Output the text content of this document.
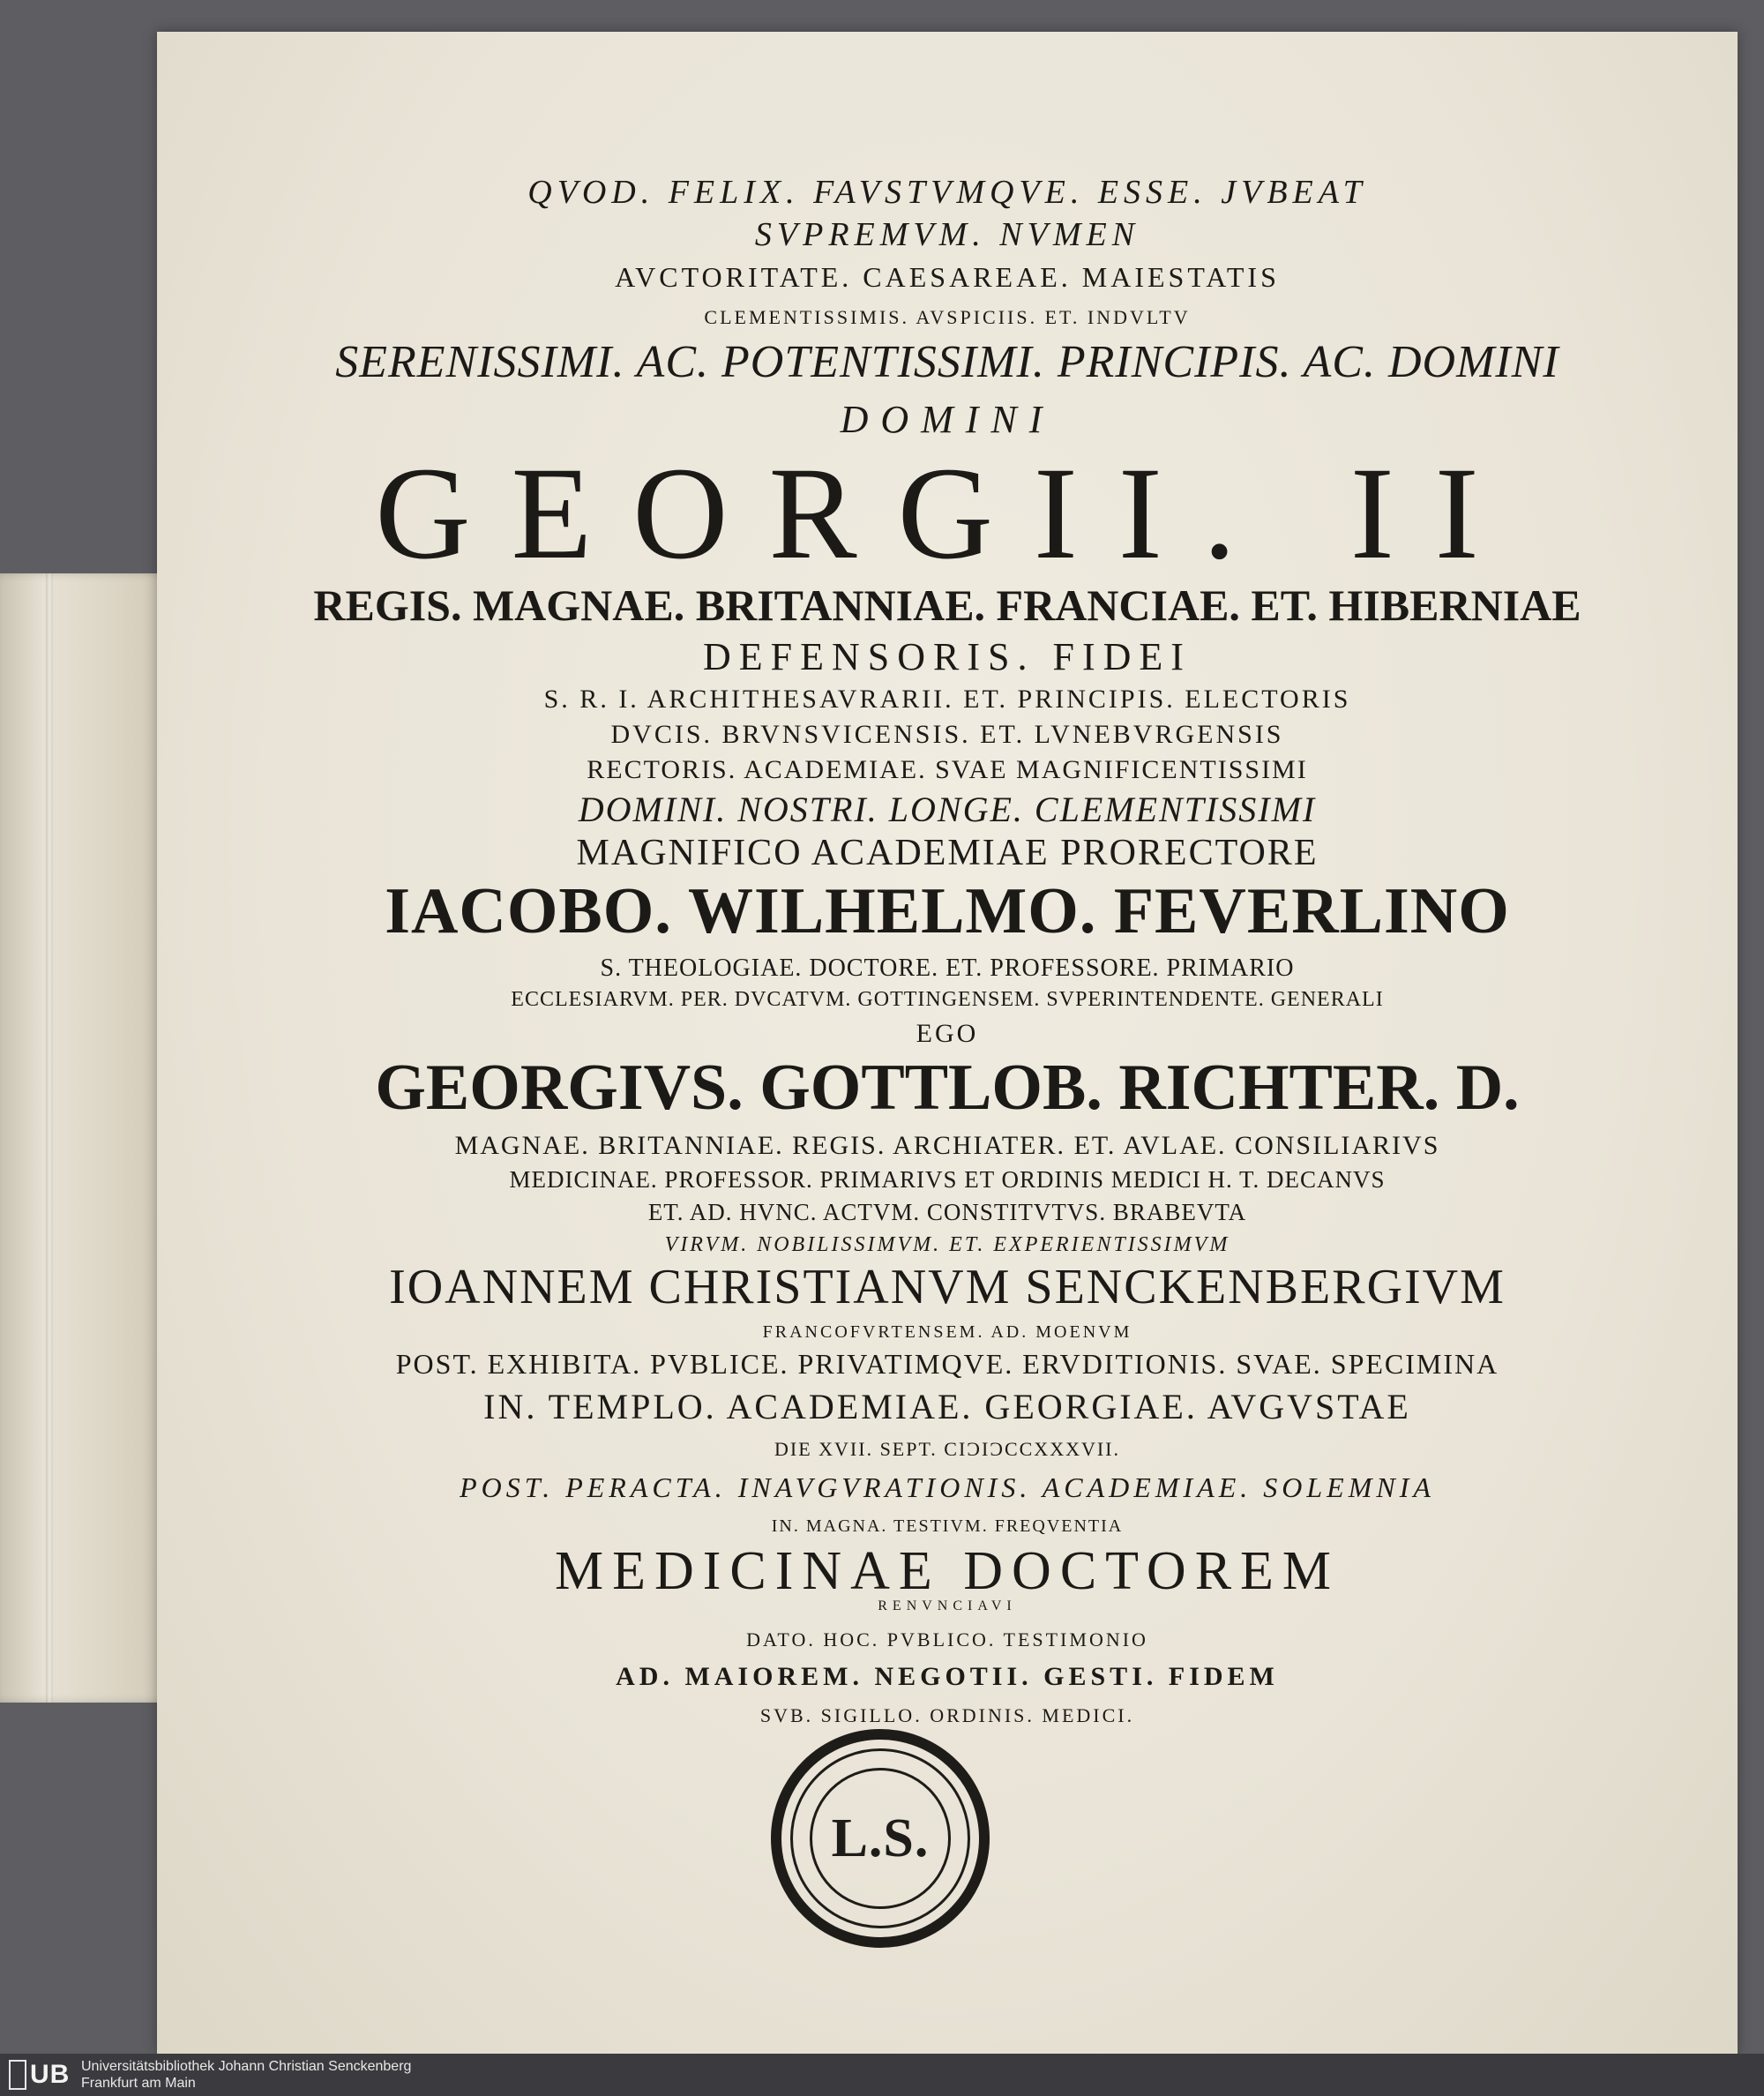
QVOD. FELIX. FAVSTVMQVE. ESSE. JVBEAT
SVPREMVM. NVMEN
AVCTORITATE. CAESAREAE. MAIESTATIS
CLEMENTISSIMIS. AVSPICIIS. ET. INDVLTV
SERENISSIMI. AC. POTENTISSIMI. PRINCIPIS. AC. DOMINI
DOMINI
GEORGII. II
REGIS. MAGNAE. BRITANNIAE. FRANCIAE. ET. HIBERNIAE
DEFENSORIS. FIDEI
S. R. I. ARCHITHESAVRARII. ET. PRINCIPIS. ELECTORIS
DVCIS. BRVNSVICENSIS. ET. LVNEBVRGENSIS
RECTORIS. ACADEMIAE. SVAE MAGNIFICENTISSIMI
DOMINI. NOSTRI. LONGE. CLEMENTISSIMI
MAGNIFICO ACADEMIAE PRORECTORE
IACOBO. WILHELMO. FEVERLINO
S. THEOLOGIAE. DOCTORE. ET. PROFESSORE. PRIMARIO
ECCLESIARVM. PER. DVCATVM. GOTTINGENSEM. SVPERINTENDENTE. GENERALI
EGO
GEORGIVS. GOTTLOB. RICHTER. D.
MAGNAE. BRITANNIAE. REGIS. ARCHIATER. ET. AVLAE. CONSILIARIVS
MEDICINAE. PROFESSOR. PRIMARIVS ET ORDINIS MEDICI H. T. DECANVS
ET. AD. HVNC. ACTVM. CONSTITVTVS. BRABEVTA
VIRVM. NOBILISSIMVM. ET. EXPERIENTISSIMVM
IOANNEM CHRISTIANVM SENCKENBERGIVM
FRANCOFVRTENSEM. AD. MOENVM
POST. EXHIBITA. PVBLICE. PRIVATIMQVE. ERVDITIONIS. SVAE. SPECIMINA
IN. TEMPLO. ACADEMIAE. GEORGIAE. AVGVSTAE
DIE XVII. SEPT. CIƆIƆCCXXXVII.
POST. PERACTA. INAVGVRATIONIS. ACADEMIAE. SOLEMNIA
IN. MAGNA. TESTIVM. FREQVENTIA
MEDICINAE DOCTOREM
RENVNCIAVI
DATO. HOC. PVBLICO. TESTIMONIO
AD. MAIOREM. NEGOTII. GESTI. FIDEM
SVB. SIGILLO. ORDINIS. MEDICI.
L.S.
UB Universitätsbibliothek Johann Christian Senckenberg
Frankfurt am Main
